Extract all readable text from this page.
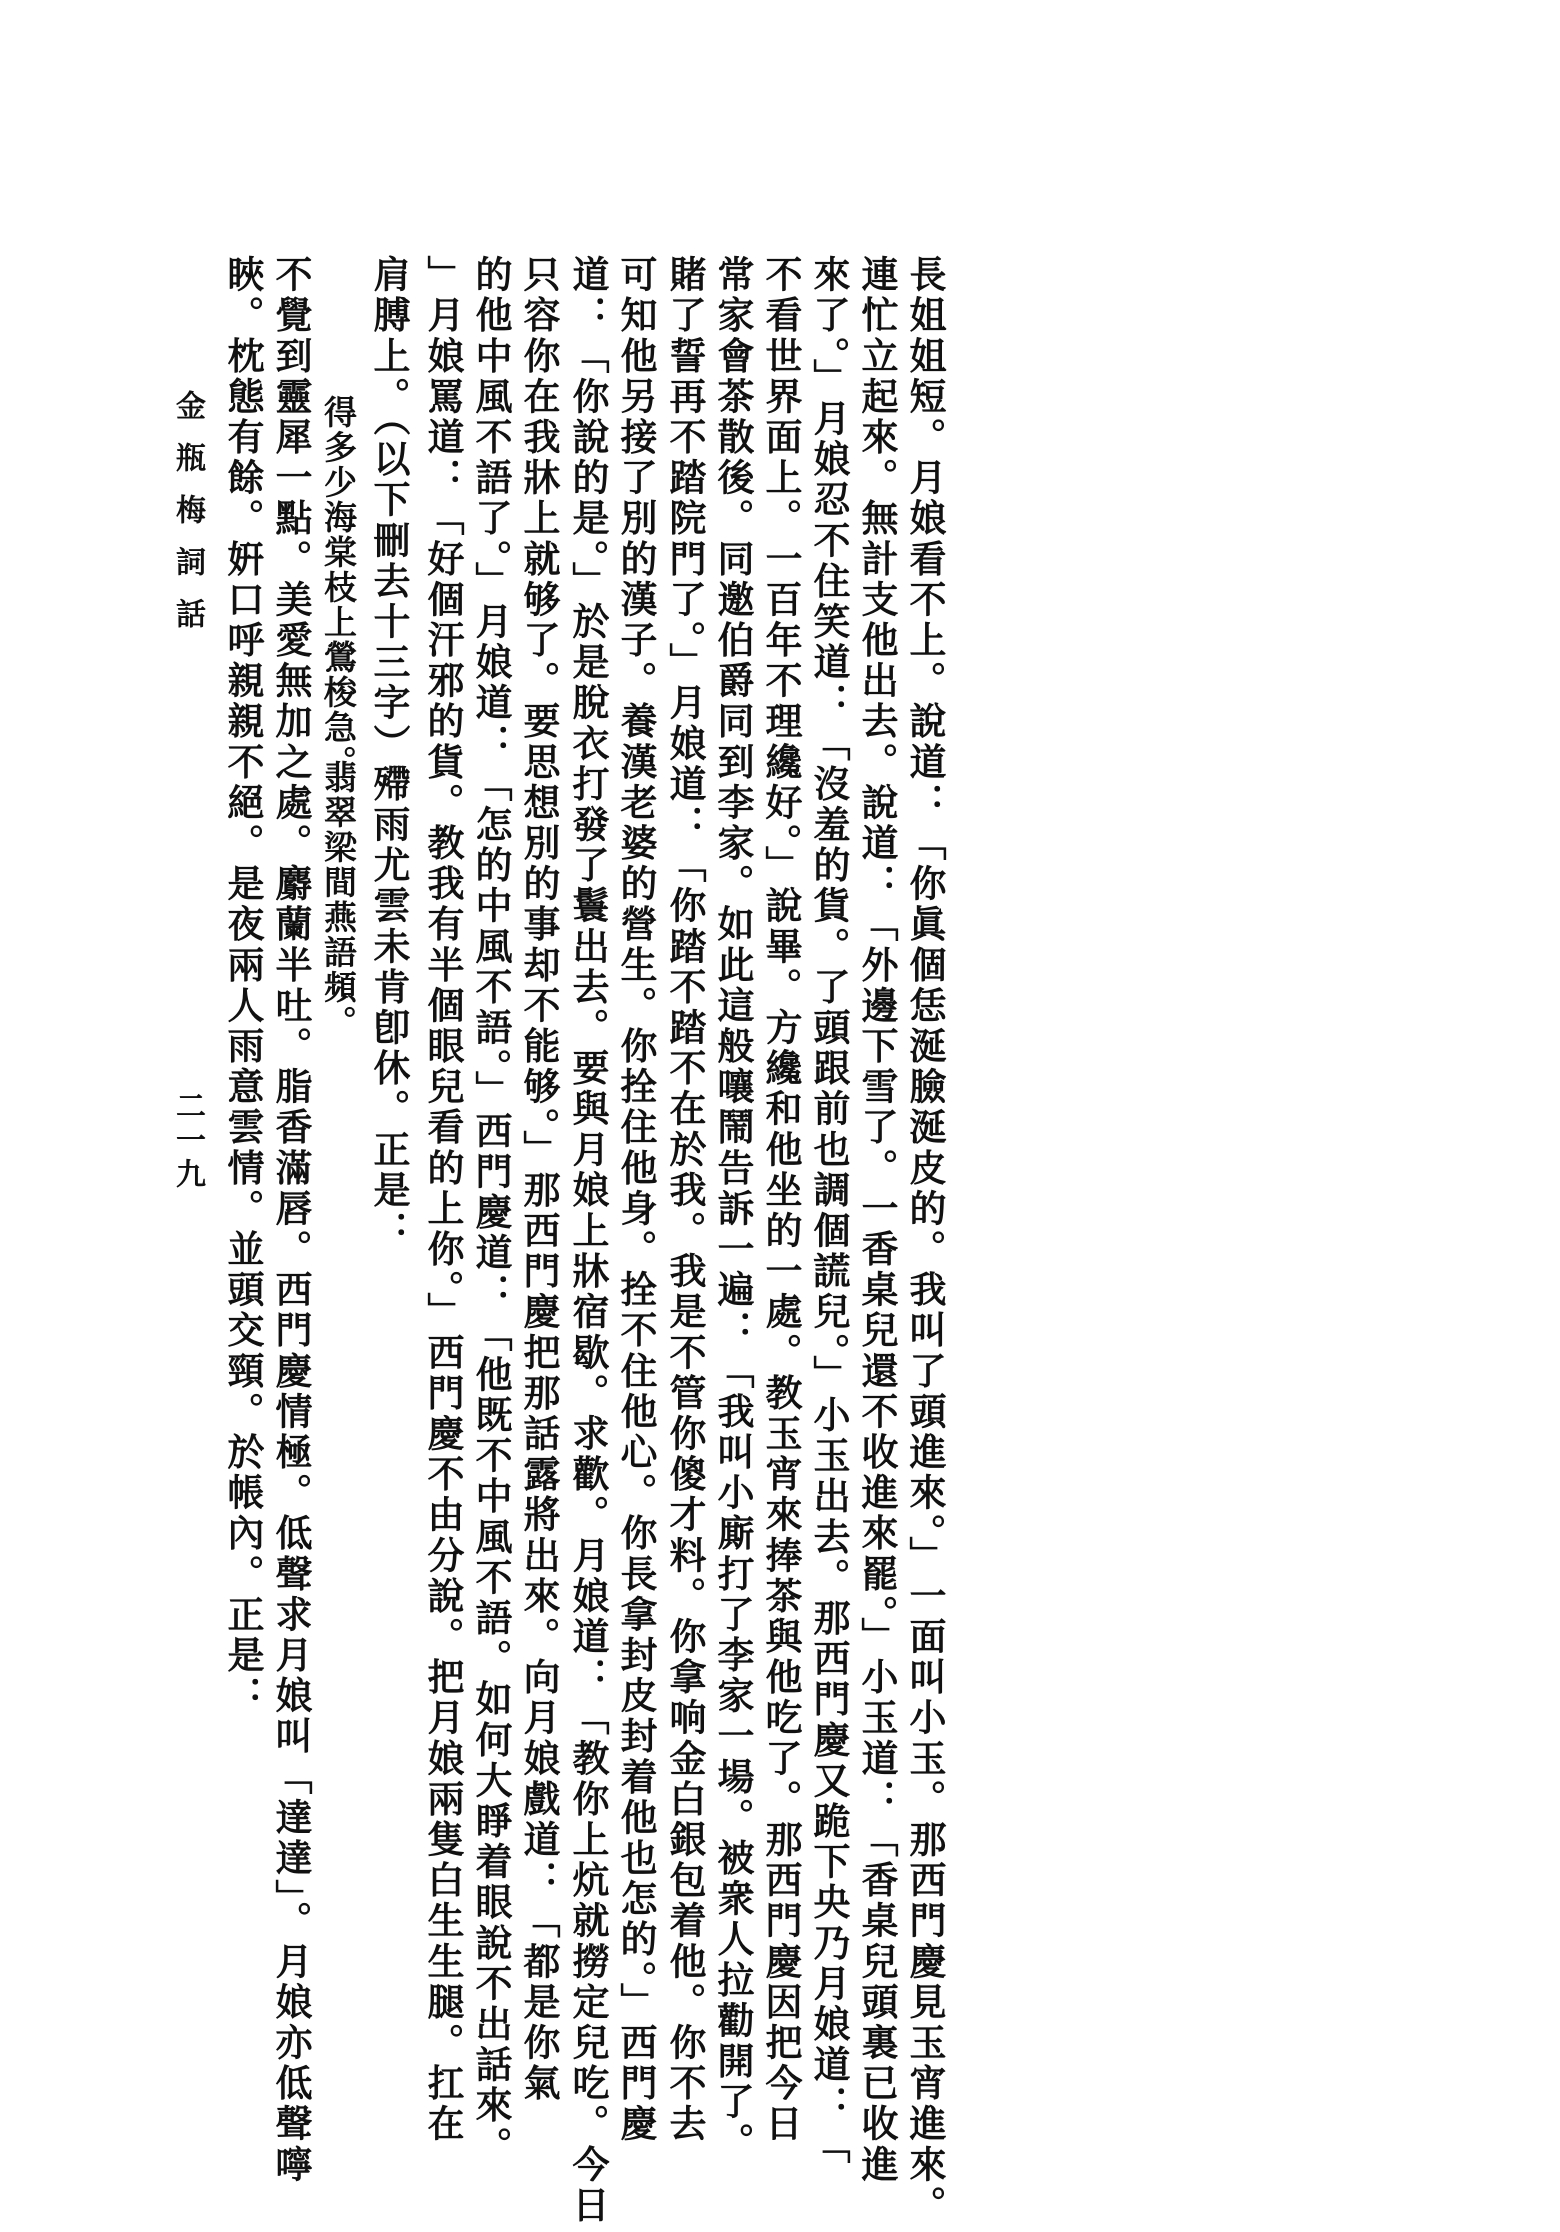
二一九
金瓶梅詞話	長姐姐短。月娘看不上。說道：「你眞個恁涎臉涎皮的。我叫了頭進來。」一面叫小玉。那西門慶見玉宵進來。
連忙立起來。無計支他出去。說道：「外邊下雪了。一香桌兒還不收進來罷。」小玉道：「香桌兒頭裏已收進
來了。」月娘忍不住笑道：「沒羞的貨。了頭跟前也調個謊兒。」小玉出去。那西門慶又跪下央乃月娘道：「
不看世界面上。一百年不理纔好。」說畢。方纔和他坐的一處。教玉宵來捧茶與他吃了。那西門慶因把今日
常家會茶散後。同邀伯爵同到李家。如此這般嚷鬧告訴一遍：「我叫小廝打了李家一場。被衆人拉勸開了。
賭了誓再不踏院門了。」月娘道：「你踏不踏不在於我。我是不管你傻才料。你拿响金白銀包着他。你不去
可知他另接了別的漢子。養漢老婆的營生。你拴住他身。拴不住他心。你長拿封皮封着他也怎的。」西門慶
道：「你說的是。」於是脫衣打發了鬟出去。要與月娘上牀宿歇。求歡。月娘道：「教你上炕就撈定兒吃。今日
只容你在我牀上就够了。要思想別的事却不能够。」那西門慶把那話露將出來。向月娘戲道：「都是你氣
的他中風不語了。」月娘道：「怎的中風不語。」西門慶道：「他既不中風不語。如何大睜着眼說不出話來。
」月娘罵道：「好個汗邪的貨。教我有半個眼兒看的上你。」西門慶不由分說。把月娘兩隻白生生腿。扛在
肩膊上。（以下刪去十三字）殢雨尤雲未肯卽休。正是：
得多少海棠枝上鶯梭急。
翡翠梁間燕語頻。
不覺到靈犀一點。美愛無加之處。麝蘭半吐。脂香滿唇。西門慶情極。低聲求月娘叫「達達」。月娘亦低聲嚀
䀹。枕態有餘。姸口呼親親不絕。是夜兩人雨意雲情。並頭交頸。於帳內。正是：
